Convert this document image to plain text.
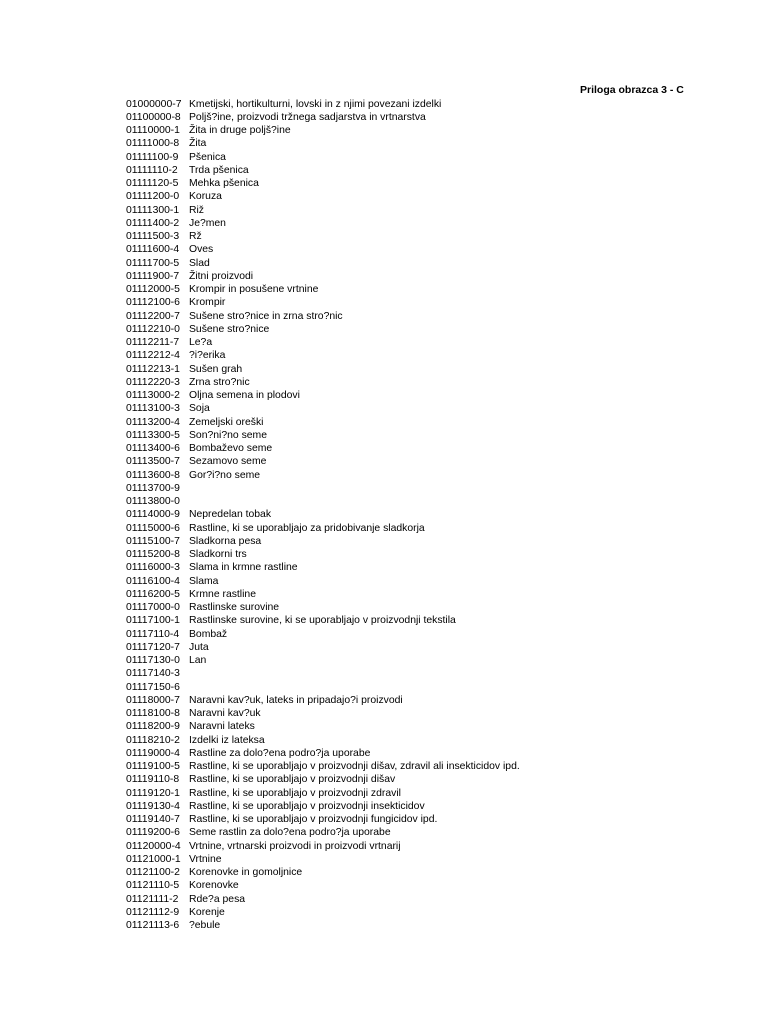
Priloga obrazca 3 - C
01000000-7 Kmetijski, hortikulturni, lovski in z njimi povezani izdelki
01100000-8 Poljš?ine, proizvodi tržnega sadjarstva in vrtnarstva
01110000-1 Žita in druge poljš?ine
01111000-8 Žita
01111100-9	Pšenica
01111110-2	Trda pšenica
01111120-5	Mehka pšenica
01111200-0 Koruza
01111300-1 Riž
01111400-2 Je?men
01111500-3 Rž
01111600-4 Oves
01111700-5 Slad
01111900-7 Žitni proizvodi
01112000-5 Krompir in posušene vrtnine
01112100-6 Krompir
01112200-7 Sušene stro?nice in zrna stro?nic
01112210-0 Sušene stro?nice
01112211-7 Le?a
01112212-4 ?i?erika
01112213-1 Sušen grah
01112220-3 Zrna stro?nic
01113000-2 Oljna semena in plodovi
01113100-3 Soja
01113200-4 Zemeljski oreški
01113300-5 Son?ni?no seme
01113400-6 Bombaževo seme
01113500-7 Sezamovo seme
01113600-8 Gor?i?no seme
01113700-9
01113800-0
01114000-9 Nepredelan tobak
01115000-6 Rastline, ki se uporabljajo za pridobivanje sladkorja
01115100-7 Sladkorna pesa
01115200-8 Sladkorni trs
01116000-3 Slama in krmne rastline
01116100-4 Slama
01116200-5 Krmne rastline
01117000-0 Rastlinske surovine
01117100-1 Rastlinske surovine, ki se uporabljajo v proizvodnji tekstila
01117110-4 Bombaž
01117120-7 Juta
01117130-0 Lan
01117140-3
01117150-6
01118000-7 Naravni kav?uk, lateks in pripadajo?i proizvodi
01118100-8 Naravni kav?uk
01118200-9 Naravni lateks
01118210-2 Izdelki iz lateksa
01119000-4 Rastline za dolo?ena podro?ja uporabe
01119100-5 Rastline, ki se uporabljajo v proizvodnji dišav, zdravil ali insekticidov ipd.
01119110-8 Rastline, ki se uporabljajo v proizvodnji dišav
01119120-1 Rastline, ki se uporabljajo v proizvodnji zdravil
01119130-4 Rastline, ki se uporabljajo v proizvodnji insekticidov
01119140-7 Rastline, ki se uporabljajo v proizvodnji fungicidov ipd.
01119200-6 Seme rastlin za dolo?ena podro?ja uporabe
01120000-4 Vrtnine, vrtnarski proizvodi in proizvodi vrtnarij
01121000-1 Vrtnine
01121100-2 Korenovke in gomoljnice
01121110-5 Korenovke
01121111-2	Rde?a pesa
01121112-9 Korenje
01121113-6 ?ebule
